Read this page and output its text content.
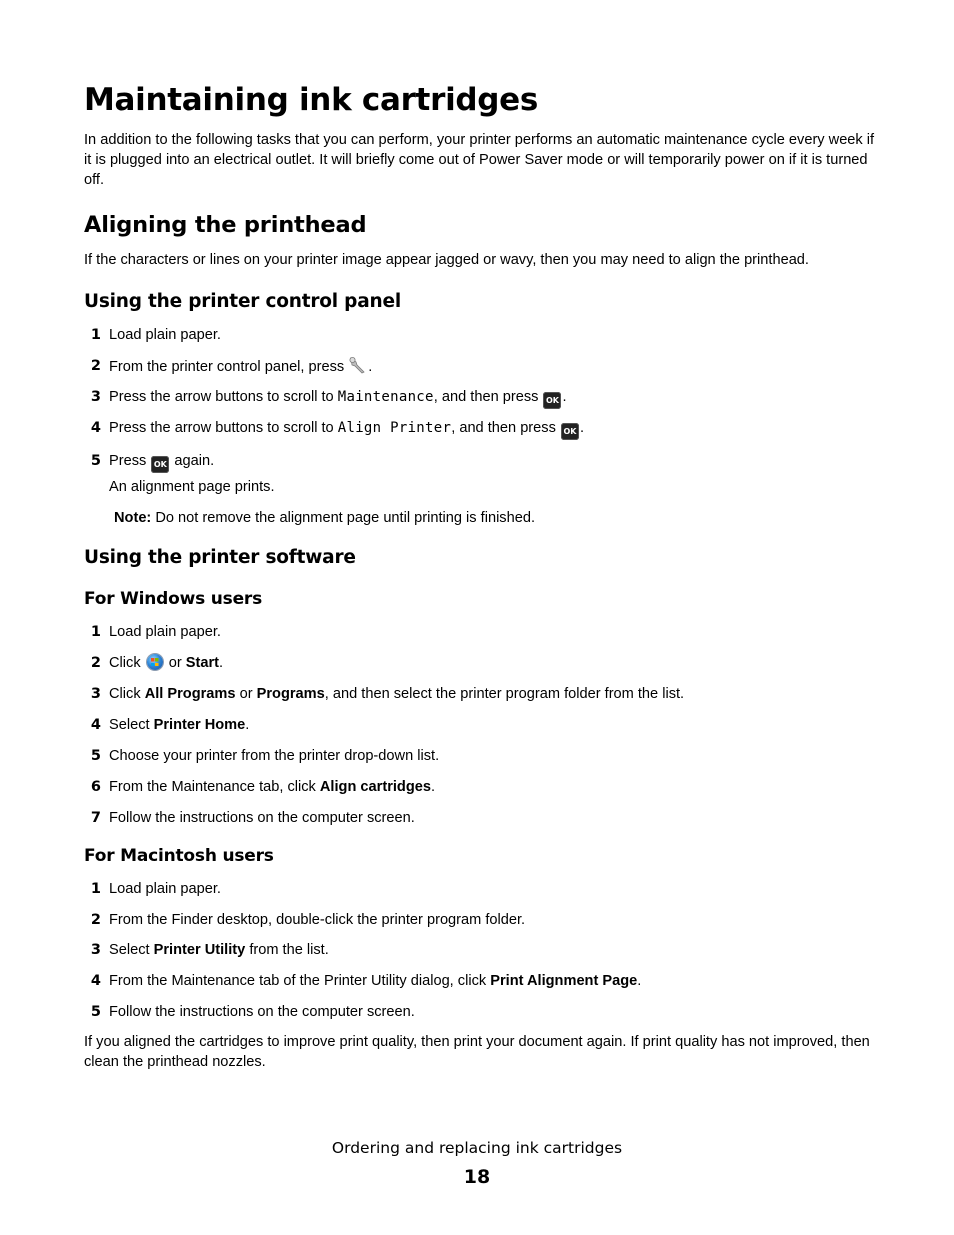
Maintaining ink cartridges

In addition to the following tasks that you can perform, your printer performs an automatic maintenance cycle every week if it is plugged into an electrical outlet. It will briefly come out of Power Saver mode or will temporarily power on if it is turned off.

Aligning the printhead

If the characters or lines on your printer image appear jagged or wavy, then you may need to align the printhead.

Using the printer control panel
1 Load plain paper.
2 From the printer control panel, press .
3 Press the arrow buttons to scroll to Maintenance, and then press OK .
4 Press the arrow buttons to scroll to Align Printer, and then press OK .
5 Press OK again.
An alignment page prints.
Note: Do not remove the alignment page until printing is finished.
Using the printer software
For Windows users
1 Load plain paper.
2 Click  or Start.
3 Click All Programs or Programs, and then select the printer program folder from the list.
4 Select Printer Home.
5 Choose your printer from the printer drop-down list.
6 From the Maintenance tab, click Align cartridges.
7 Follow the instructions on the computer screen.
For Macintosh users
1 Load plain paper.
2 From the Finder desktop, double-click the printer program folder.
3 Select Printer Utility from the list.
4 From the Maintenance tab of the Printer Utility dialog, click Print Alignment Page.
5 Follow the instructions on the computer screen.

If you aligned the cartridges to improve print quality, then print your document again. If print quality has not improved, then clean the printhead nozzles.

Ordering and replacing ink cartridges
18
